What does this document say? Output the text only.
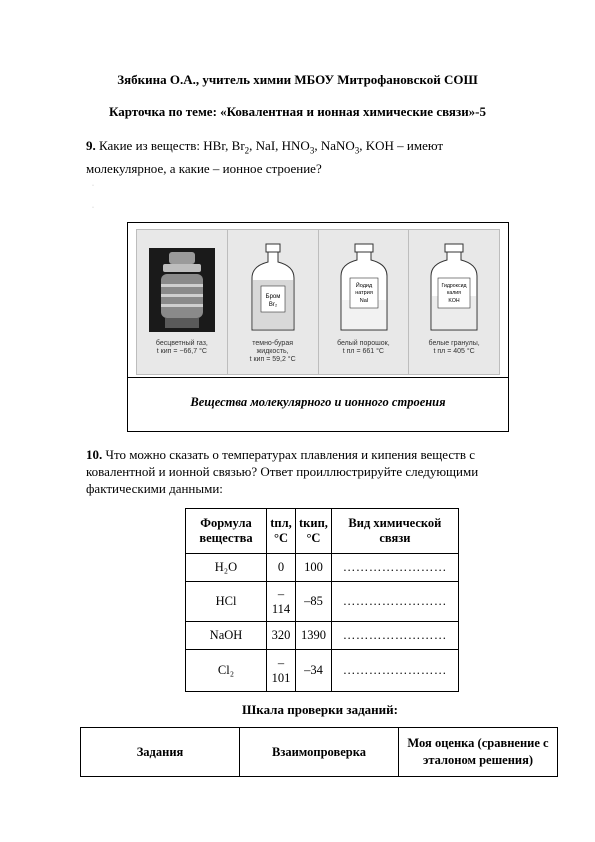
Зябкина О.А., учитель химии МБОУ Митрофановской СОШ
Карточка по теме: «Ковалентная и ионная химические связи»-5
9. Какие из веществ: HBr, $Br_2$, NaI, $HNO_3$, NaNO$_3$, KOH – имеют
молекулярное, а какие – ионное строение?
·
·
бесцветный газ,
t кип = −66,7 °С
Бром
Br₂
темно-бурая
жидкость,
t кип = 59,2 °С
Йодид
натрия
NaI
белый порошок,
t пл = 661 °С
Гидроксид
калия
KOH
белые гранулы,
t пл = 405 °С
Вещества молекулярного и ионного строения
10. Что можно сказать о температурах плавления и кипения веществ с
ковалентной и ионной связью? Ответ проиллюстрируйте следующими
фактическими данными:
Формула вещества	tпл, °С	tкип, °С	Вид химической связи
H₂O	0	100	……………………
HCl	–114	–85	……………………
NaOH	320	1390	……………………
Cl₂	–101	–34	……………………
Шкала проверки заданий:
Задания	Взаимопроверка	Моя оценка (сравнение с эталоном решения)
